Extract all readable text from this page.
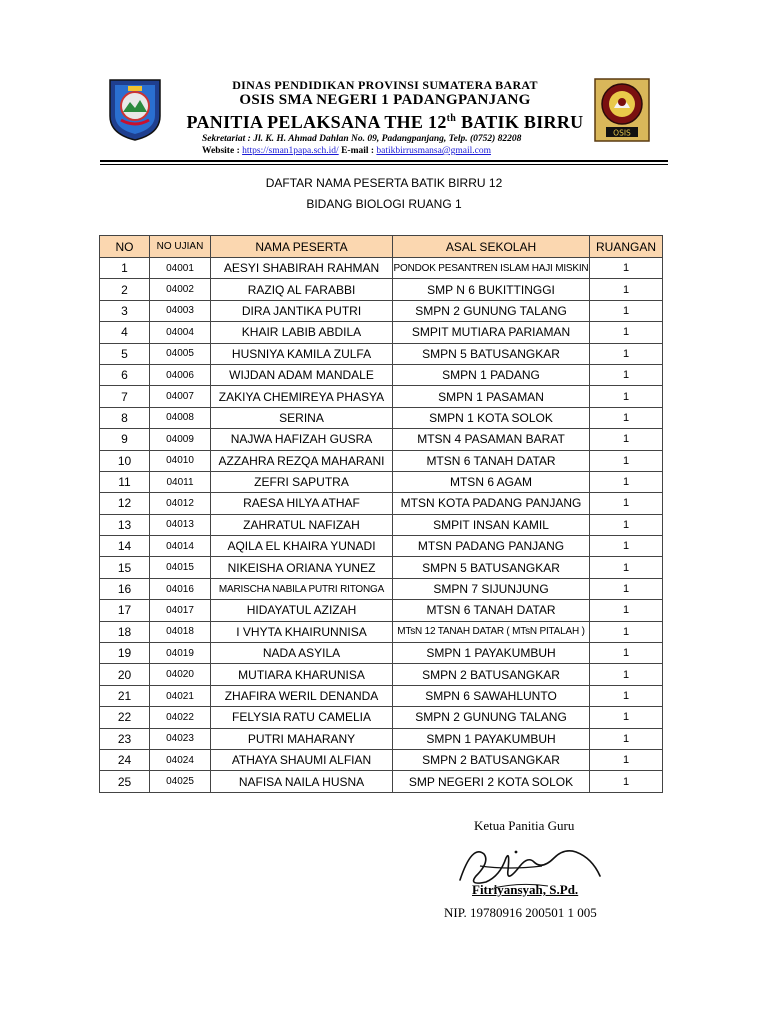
DINAS PENDIDIKAN PROVINSI SUMATERA BARAT
OSIS SMA NEGERI 1 PADANGPANJANG
PANITIA PELAKSANA THE 12th BATIK BIRRU
Sekretariat : Jl. K. H. Ahmad Dahlan No. 09, Padangpanjang, Telp. (0752) 82208
Website : https://sman1papa.sch.id/ E-mail : batikbirrusmansa@gmail.com
OSIS
DAFTAR NAMA PESERTA BATIK BIRRU 12
BIDANG BIOLOGI RUANG 1
NO	NO UJIAN	NAMA PESERTA	ASAL SEKOLAH	RUANGAN
1	04001	AESYI SHABIRAH RAHMAN	PONDOK PESANTREN ISLAM HAJI MISKIN	1
2	04002	RAZIQ AL FARABBI	SMP N 6 BUKITTINGGI	1
3	04003	DIRA JANTIKA PUTRI	SMPN 2 GUNUNG TALANG	1
4	04004	KHAIR LABIB ABDILA	SMPIT MUTIARA PARIAMAN	1
5	04005	HUSNIYA KAMILA ZULFA	SMPN 5 BATUSANGKAR	1
6	04006	WIJDAN ADAM MANDALE	SMPN 1 PADANG	1
7	04007	ZAKIYA CHEMIREYA PHASYA	SMPN 1 PASAMAN	1
8	04008	SERINA	SMPN 1 KOTA SOLOK	1
9	04009	NAJWA HAFIZAH GUSRA	MTSN 4 PASAMAN BARAT	1
10	04010	AZZAHRA REZQA MAHARANI	MTSN 6 TANAH DATAR	1
11	04011	ZEFRI SAPUTRA	MTSN 6 AGAM	1
12	04012	RAESA HILYA ATHAF	MTSN KOTA PADANG PANJANG	1
13	04013	ZAHRATUL NAFIZAH	SMPIT INSAN KAMIL	1
14	04014	AQILA EL KHAIRA YUNADI	MTSN PADANG PANJANG	1
15	04015	NIKEISHA ORIANA YUNEZ	SMPN 5 BATUSANGKAR	1
16	04016	MARISCHA NABILA PUTRI RITONGA	SMPN 7 SIJUNJUNG	1
17	04017	HIDAYATUL AZIZAH	MTSN 6 TANAH DATAR	1
18	04018	I VHYTA KHAIRUNNISA	MTsN 12 TANAH DATAR ( MTsN PITALAH )	1
19	04019	NADA ASYILA	SMPN 1 PAYAKUMBUH	1
20	04020	MUTIARA KHARUNISA	SMPN 2 BATUSANGKAR	1
21	04021	ZHAFIRA WERIL DENANDA	SMPN 6 SAWAHLUNTO	1
22	04022	FELYSIA RATU CAMELIA	SMPN 2 GUNUNG TALANG	1
23	04023	PUTRI MAHARANY	SMPN 1 PAYAKUMBUH	1
24	04024	ATHAYA SHAUMI ALFIAN	SMPN 2 BATUSANGKAR	1
25	04025	NAFISA NAILA HUSNA	SMP NEGERI 2 KOTA SOLOK	1
Ketua Panitia Guru
Fitriyansyah, S.Pd.
NIP. 19780916 200501 1 005
